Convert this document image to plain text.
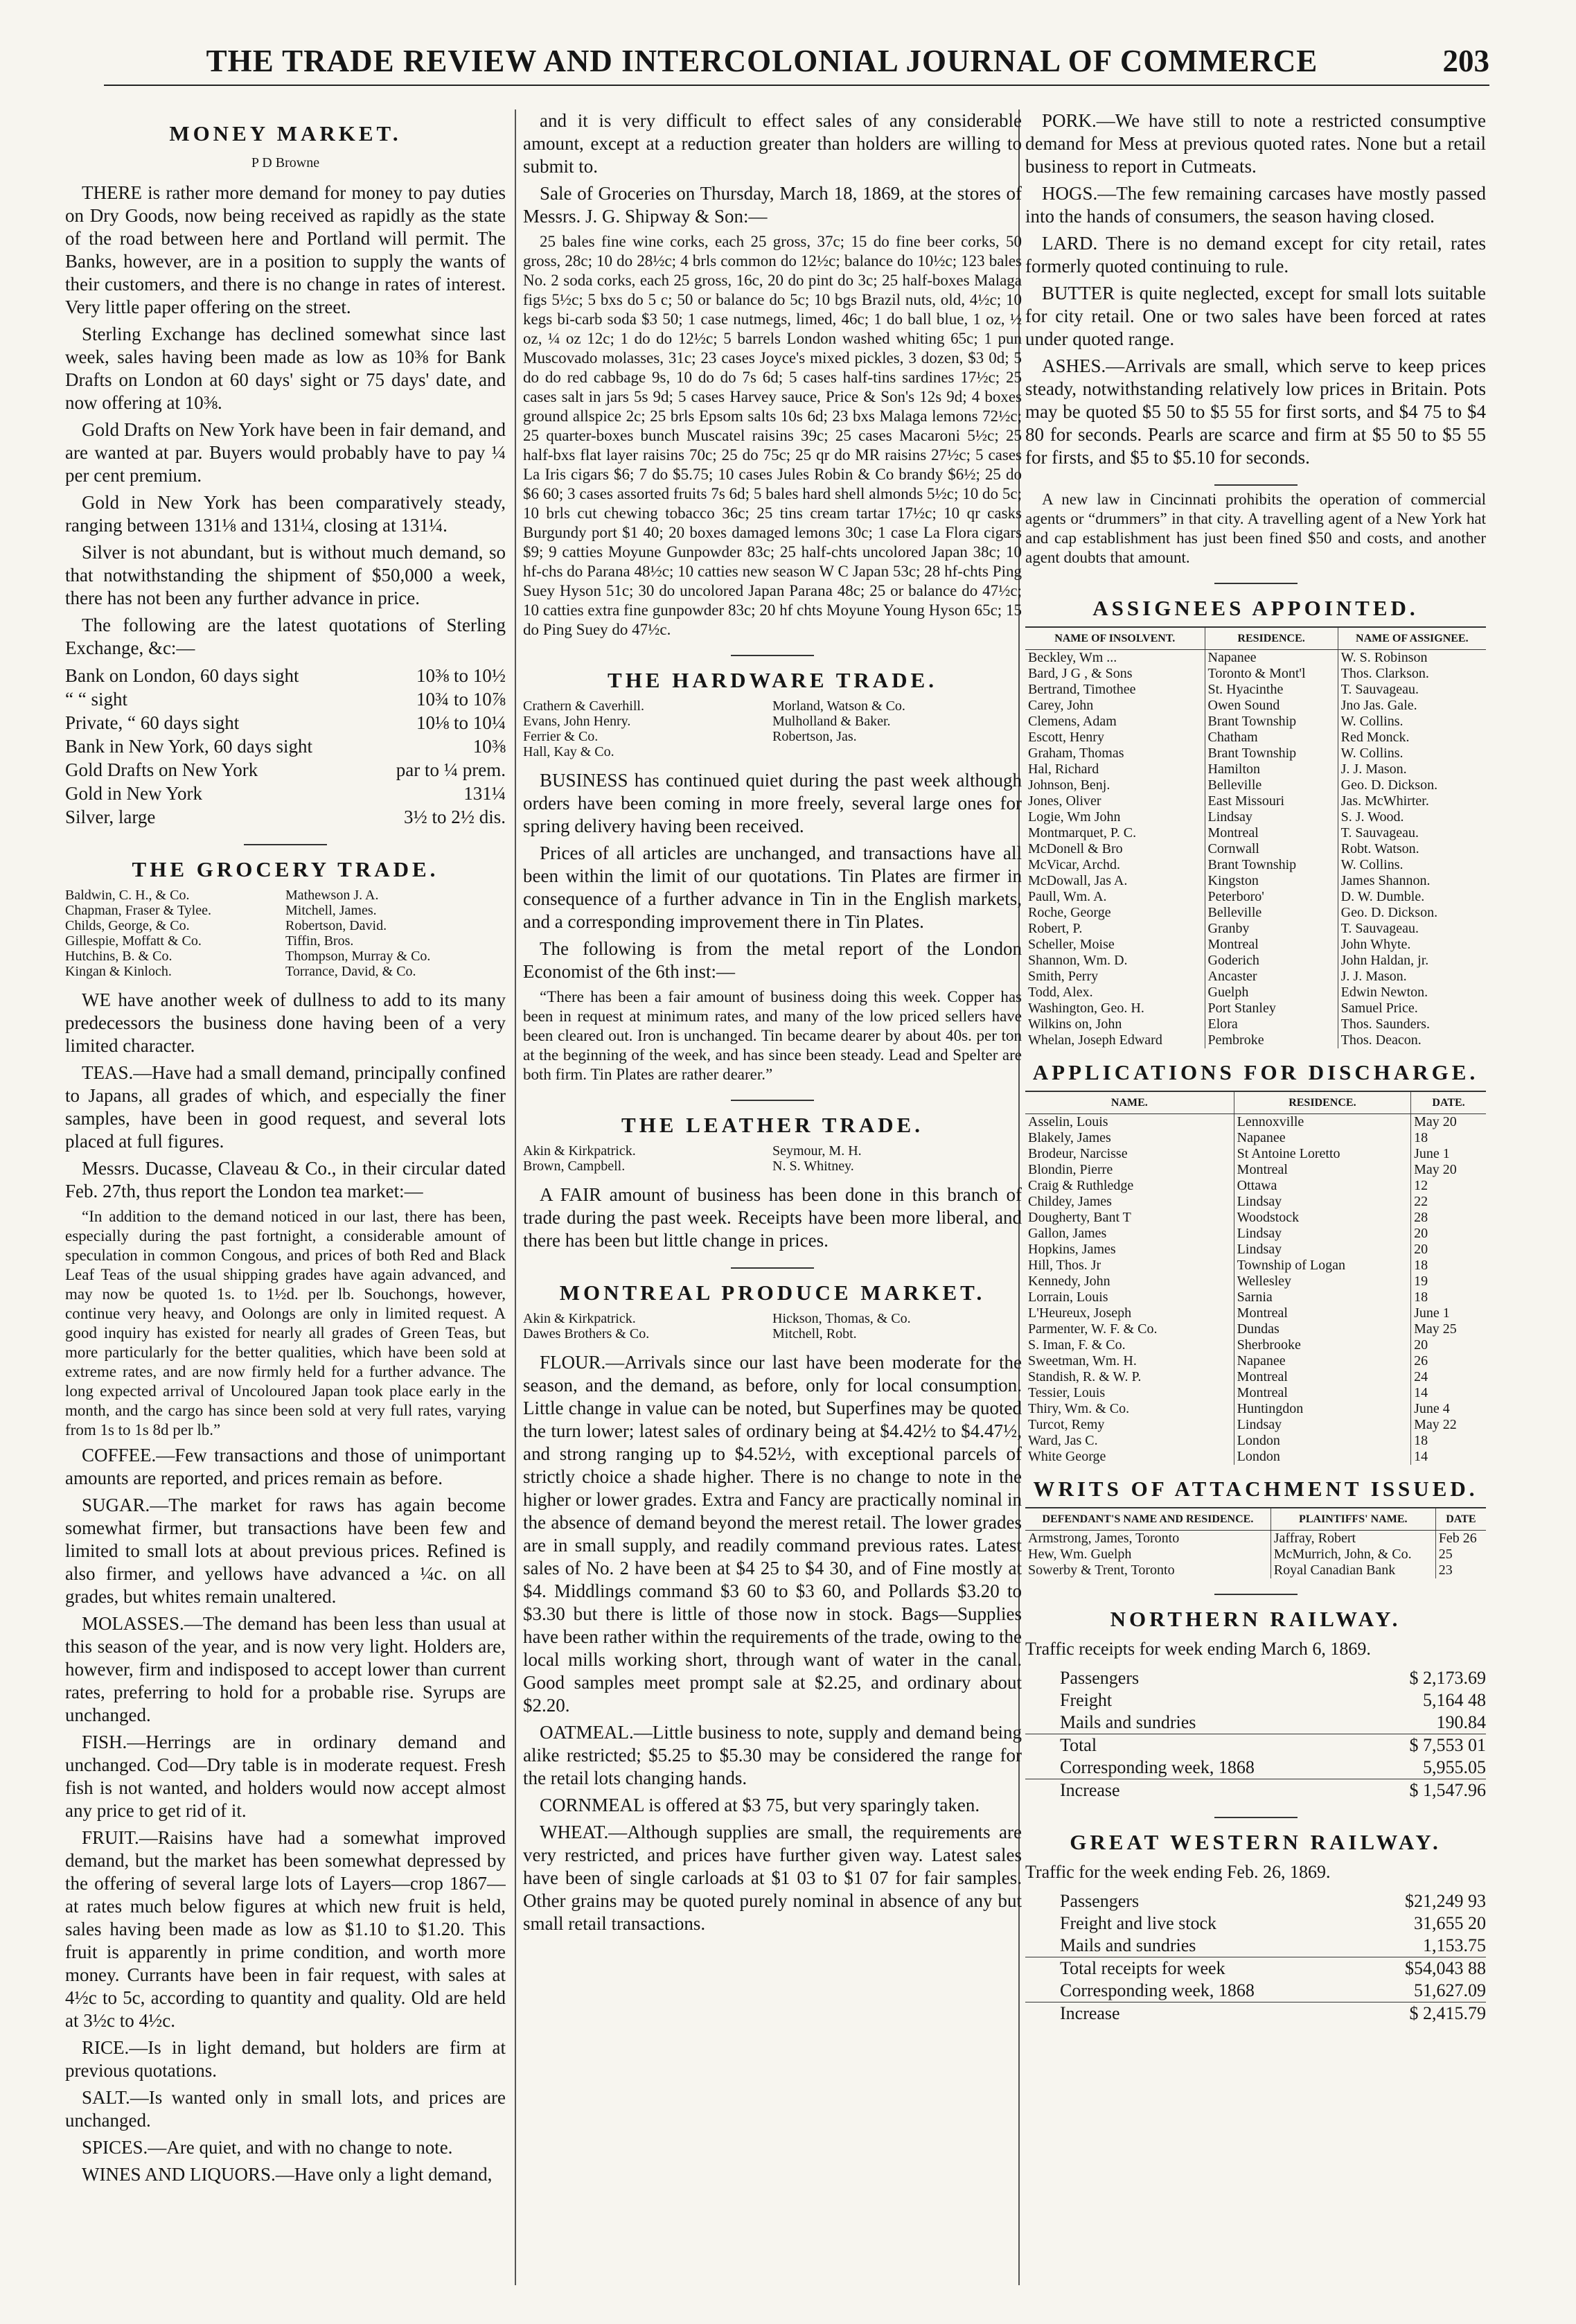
THE TRADE REVIEW AND INTERCOLONIAL JOURNAL OF COMMERCE	203
MONEY MARKET.
P D Browne

THERE is rather more demand for money to pay duties on Dry Goods, now being received as rapidly as the state of the road between here and Portland will permit. The Banks, however, are in a position to supply the wants of their customers, and there is no change in rates of interest. Very little paper offering on the street.

Sterling Exchange has declined somewhat since last week, sales having been made as low as 10⅜ for Bank Drafts on London at 60 days' sight or 75 days' date, and now offering at 10⅜.

Gold Drafts on New York have been in fair demand, and are wanted at par. Buyers would probably have to pay ¼ per cent premium.

Gold in New York has been comparatively steady, ranging between 131⅛ and 131¼, closing at 131¼.

Silver is not abundant, but is without much demand, so that notwithstanding the shipment of $50,000 a week, there has not been any further advance in price.

The following are the latest quotations of Sterling Exchange, &c:—

Bank on London, 60 days sight	10⅜ to 10½
“ “ sight	10¾ to 10⅞
Private, “ 60 days sight	10⅛ to 10¼
Bank in New York, 60 days sight	10⅜
Gold Drafts on New York	par to ¼ prem.
Gold in New York	131¼
Silver, large	3½ to 2½ dis.
THE GROCERY TRADE.
Baldwin, C. H., & Co.	Mathewson J. A.
Chapman, Fraser & Tylee.	Mitchell, James.
Childs, George, & Co.	Robertson, David.
Gillespie, Moffatt & Co.	Tiffin, Bros.
Hutchins, B. & Co.	Thompson, Murray & Co.
Kingan & Kinloch.	Torrance, David, & Co.

WE have another week of dullness to add to its many predecessors the business done having been of a very limited character.

TEAS.—Have had a small demand, principally confined to Japans, all grades of which, and especially the finer samples, have been in good request, and several lots placed at full figures.

Messrs. Ducasse, Claveau & Co., in their circular dated Feb. 27th, thus report the London tea market:—

“In addition to the demand noticed in our last, there has been, especially during the past fortnight, a considerable amount of speculation in common Congous, and prices of both Red and Black Leaf Teas of the usual shipping grades have again advanced, and may now be quoted 1s. to 1½d. per lb. Souchongs, however, continue very heavy, and Oolongs are only in limited request. A good inquiry has existed for nearly all grades of Green Teas, but more particularly for the better qualities, which have been sold at extreme rates, and are now firmly held for a further advance. The long expected arrival of Uncoloured Japan took place early in the month, and the cargo has since been sold at very full rates, varying from 1s to 1s 8d per lb.”

COFFEE.—Few transactions and those of unimportant amounts are reported, and prices remain as before.

SUGAR.—The market for raws has again become somewhat firmer, but transactions have been few and limited to small lots at about previous prices. Refined is also firmer, and yellows have advanced a ¼c. on all grades, but whites remain unaltered.

MOLASSES.—The demand has been less than usual at this season of the year, and is now very light. Holders are, however, firm and indisposed to accept lower than current rates, preferring to hold for a probable rise. Syrups are unchanged.

FISH.—Herrings are in ordinary demand and unchanged. Cod—Dry table is in moderate request. Fresh fish is not wanted, and holders would now accept almost any price to get rid of it.

FRUIT.—Raisins have had a somewhat improved demand, but the market has been somewhat depressed by the offering of several large lots of Layers—crop 1867—at rates much below figures at which new fruit is held, sales having been made as low as $1.10 to $1.20. This fruit is apparently in prime condition, and worth more money. Currants have been in fair request, with sales at 4½c to 5c, according to quantity and quality. Old are held at 3½c to 4½c.

RICE.—Is in light demand, but holders are firm at previous quotations.

SALT.—Is wanted only in small lots, and prices are unchanged.

SPICES.—Are quiet, and with no change to note.

WINES AND LIQUORS.—Have only a light demand,

and it is very difficult to effect sales of any considerable amount, except at a reduction greater than holders are willing to submit to.

Sale of Groceries on Thursday, March 18, 1869, at the stores of Messrs. J. G. Shipway & Son:—

25 bales fine wine corks, each 25 gross, 37c; 15 do fine beer corks, 50 gross, 28c; 10 do 28½c; 4 brls common do 12½c; balance do 10½c; 123 bales No. 2 soda corks, each 25 gross, 16c, 20 do pint do 3c; 25 half-boxes Malaga figs 5½c; 5 bxs do 5 c; 50 or balance do 5c; 10 bgs Brazil nuts, old, 4½c; 10 kegs bi-carb soda $3 50; 1 case nutmegs, limed, 46c; 1 do ball blue, 1 oz, ½ oz, ¼ oz 12c; 1 do do 12½c; 5 barrels London washed whiting 65c; 1 pun Muscovado molasses, 31c; 23 cases Joyce's mixed pickles, 3 dozen, $3 0d; 5 do do red cabbage 9s, 10 do do 7s 6d; 5 cases half-tins sardines 17½c; 25 cases salt in jars 5s 9d; 5 cases Harvey sauce, Price & Son's 12s 9d; 4 boxes ground allspice 2c; 25 brls Epsom salts 10s 6d; 23 bxs Malaga lemons 72½c; 25 quarter-boxes bunch Muscatel raisins 39c; 25 cases Macaroni 5½c; 25 half-bxs flat layer raisins 70c; 25 do 75c; 25 qr do MR raisins 27½c; 5 cases La Iris cigars $6; 7 do $5.75; 10 cases Jules Robin & Co brandy $6½; 25 do $6 60; 3 cases assorted fruits 7s 6d; 5 bales hard shell almonds 5½c; 10 do 5c; 10 brls cut chewing tobacco 36c; 25 tins cream tartar 17½c; 10 qr casks Burgundy port $1 40; 20 boxes damaged lemons 30c; 1 case La Flora cigars $9; 9 catties Moyune Gunpowder 83c; 25 half-chts uncolored Japan 38c; 10 hf-chs do Parana 48½c; 10 catties new season W C Japan 53c; 28 hf-chts Ping Suey Hyson 51c; 30 do uncolored Japan Parana 48c; 25 or balance do 47½c; 10 catties extra fine gunpowder 83c; 20 hf chts Moyune Young Hyson 65c; 15 do Ping Suey do 47½c.

THE HARDWARE TRADE.
Crathern & Caverhill.	Morland, Watson & Co.
Evans, John Henry.	Mulholland & Baker.
Ferrier & Co.	Robertson, Jas.
Hall, Kay & Co.

BUSINESS has continued quiet during the past week although orders have been coming in more freely, several large ones for spring delivery having been received.

Prices of all articles are unchanged, and transactions have all been within the limit of our quotations. Tin Plates are firmer in consequence of a further advance in Tin in the English markets, and a corresponding improvement there in Tin Plates.

The following is from the metal report of the London Economist of the 6th inst:—

“There has been a fair amount of business doing this week. Copper has been in request at minimum rates, and many of the low priced sellers have been cleared out. Iron is unchanged. Tin became dearer by about 40s. per ton at the beginning of the week, and has since been steady. Lead and Spelter are both firm. Tin Plates are rather dearer.”

THE LEATHER TRADE.
Akin & Kirkpatrick.	Seymour, M. H.
Brown, Campbell.	N. S. Whitney.

A FAIR amount of business has been done in this branch of trade during the past week. Receipts have been more liberal, and there has been but little change in prices.

MONTREAL PRODUCE MARKET.
Akin & Kirkpatrick.	Hickson, Thomas, & Co.
Dawes Brothers & Co.	Mitchell, Robt.

FLOUR.—Arrivals since our last have been moderate for the season, and the demand, as before, only for local consumption. Little change in value can be noted, but Superfines may be quoted the turn lower; latest sales of ordinary being at $4.42½ to $4.47½, and strong ranging up to $4.52½, with exceptional parcels of strictly choice a shade higher. There is no change to note in the higher or lower grades. Extra and Fancy are practically nominal in the absence of demand beyond the merest retail. The lower grades are in small supply, and readily command previous rates. Latest sales of No. 2 have been at $4 25 to $4 30, and of Fine mostly at $4. Middlings command $3 60 to $3 60, and Pollards $3.20 to $3.30 but there is little of those now in stock. Bags—Supplies have been rather within the requirements of the trade, owing to the local mills working short, through want of water in the canal. Good samples meet prompt sale at $2.25, and ordinary about $2.20.

OATMEAL.—Little business to note, supply and demand being alike restricted; $5.25 to $5.30 may be considered the range for the retail lots changing hands.

CORNMEAL is offered at $3 75, but very sparingly taken.

WHEAT.—Although supplies are small, the requirements are very restricted, and prices have further given way. Latest sales have been of single carloads at $1 03 to $1 07 for fair samples. Other grains may be quoted purely nominal in absence of any but small retail transactions.

PORK.—We have still to note a restricted consumptive demand for Mess at previous quoted rates. None but a retail business to report in Cutmeats.

HOGS.—The few remaining carcases have mostly passed into the hands of consumers, the season having closed.

LARD. There is no demand except for city retail, rates formerly quoted continuing to rule.

BUTTER is quite neglected, except for small lots suitable for city retail. One or two sales have been forced at rates under quoted range.

ASHES.—Arrivals are small, which serve to keep prices steady, notwithstanding relatively low prices in Britain. Pots may be quoted $5 50 to $5 55 for first sorts, and $4 75 to $4 80 for seconds. Pearls are scarce and firm at $5 50 to $5 55 for firsts, and $5 to $5.10 for seconds.

A new law in Cincinnati prohibits the operation of commercial agents or “drummers” in that city. A travelling agent of a New York hat and cap establishment has just been fined $50 and costs, and another agent doubts that amount.

ASSIGNEES APPOINTED.
NAME OF INSOLVENT.	RESIDENCE.	NAME OF ASSIGNEE.
Beckley, Wm ...	Napanee	W. S. Robinson
Bard, J G , & Sons	Toronto & Mont'l	Thos. Clarkson.
Bertrand, Timothee	St. Hyacinthe	T. Sauvageau.
Carey, John	Owen Sound	Jno Jas. Gale.
Clemens, Adam	Brant Township	W. Collins.
Escott, Henry	Chatham	Red Monck.
Graham, Thomas	Brant Township	W. Collins.
Hal, Richard	Hamilton	J. J. Mason.
Johnson, Benj.	Belleville	Geo. D. Dickson.
Jones, Oliver	East Missouri	Jas. McWhirter.
Logie, Wm John	Lindsay	S. J. Wood.
Montmarquet, P. C.	Montreal	T. Sauvageau.
McDonell & Bro	Cornwall	Robt. Watson.
McVicar, Archd.	Brant Township	W. Collins.
McDowall, Jas A.	Kingston	James Shannon.
Paull, Wm. A.	Peterboro'	D. W. Dumble.
Roche, George	Belleville	Geo. D. Dickson.
Robert, P.	Granby	T. Sauvageau.
Scheller, Moise	Montreal	John Whyte.
Shannon, Wm. D.	Goderich	John Haldan, jr.
Smith, Perry	Ancaster	J. J. Mason.
Todd, Alex.	Guelph	Edwin Newton.
Washington, Geo. H.	Port Stanley	Samuel Price.
Wilkins on, John	Elora	Thos. Saunders.
Whelan, Joseph Edward	Pembroke	Thos. Deacon.
APPLICATIONS FOR DISCHARGE.
NAME.	RESIDENCE.	DATE.
Asselin, Louis	Lennoxville	May 20
Blakely, James	Napanee	18
Brodeur, Narcisse	St Antoine Loretto	June 1
Blondin, Pierre	Montreal	May 20
Craig & Ruthledge	Ottawa	12
Childey, James	Lindsay	22
Dougherty, Bant T	Woodstock	28
Gallon, James	Lindsay	20
Hopkins, James	Lindsay	20
Hill, Thos. Jr	Township of Logan	18
Kennedy, John	Wellesley	19
Lorrain, Louis	Sarnia	18
L'Heureux, Joseph	Montreal	June 1
Parmenter, W. F. & Co.	Dundas	May 25
S. Iman, F. & Co.	Sherbrooke	20
Sweetman, Wm. H.	Napanee	26
Standish, R. & W. P.	Montreal	24
Tessier, Louis	Montreal	14
Thiry, Wm. & Co.	Huntingdon	June 4
Turcot, Remy	Lindsay	May 22
Ward, Jas C.	London	18
White George	London	14
WRITS OF ATTACHMENT ISSUED.
DEFENDANT'S NAME AND RESIDENCE.	PLAINTIFFS' NAME.	DATE
Armstrong, James, Toronto	Jaffray, Robert	Feb 26
Hew, Wm. Guelph	McMurrich, John, & Co.	25
Sowerby & Trent, Toronto	Royal Canadian Bank	23
NORTHERN RAILWAY.
Traffic receipts for week ending March 6, 1869.
Passengers	$ 2,173.69
Freight	5,164 48
Mails and sundries	190.84
Total	$ 7,553 01
Corresponding week, 1868	5,955.05
Increase	$ 1,547.96
GREAT WESTERN RAILWAY.
Traffic for the week ending Feb. 26, 1869.
Passengers	$21,249 93
Freight and live stock	31,655 20
Mails and sundries	1,153.75
Total receipts for week	$54,043 88
Corresponding week, 1868	51,627.09
Increase	$ 2,415.79
